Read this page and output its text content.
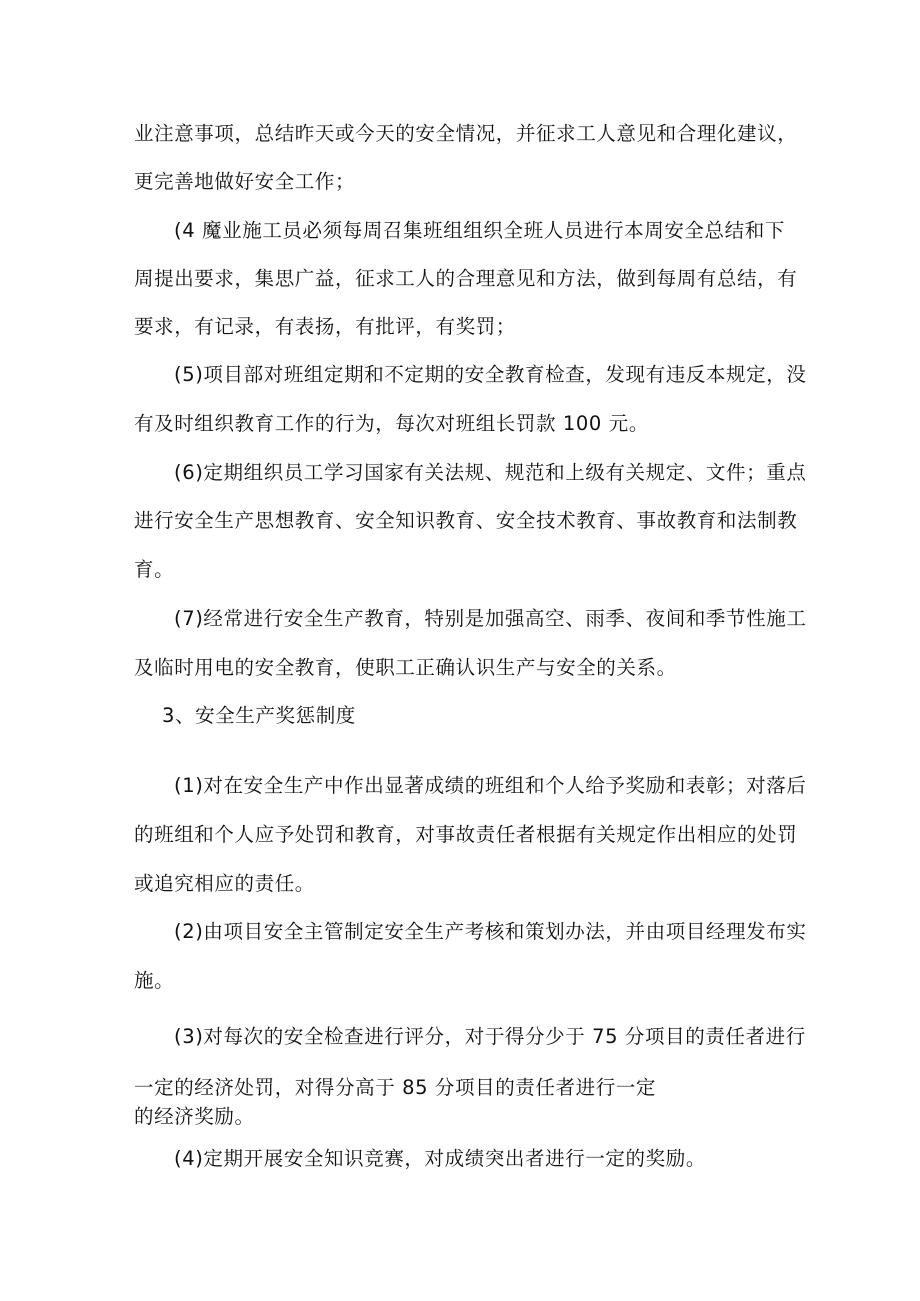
业注意事项，总结昨天或今天的安全情况，并征求工人意见和合理化建议，
更完善地做好安全工作；
(4 魔业施工员必须每周召集班组组织全班人员进行本周安全总结和下
周提出要求，集思广益，征求工人的合理意见和方法，做到每周有总结，有
要求，有记录，有表扬，有批评，有奖罚；
(5)项目部对班组定期和不定期的安全教育检查，发现有违反本规定，没
有及时组织教育工作的行为，每次对班组长罚款 100 元。
(6)定期组织员工学习国家有关法规、规范和上级有关规定、文件；重点
进行安全生产思想教育、安全知识教育、安全技术教育、事故教育和法制教
育。
(7)经常进行安全生产教育，特别是加强高空、雨季、夜间和季节性施工
及临时用电的安全教育，使职工正确认识生产与安全的关系。
3、安全生产奖惩制度
(1)对在安全生产中作出显著成绩的班组和个人给予奖励和表彰；对落后
的班组和个人应予处罚和教育，对事故责任者根据有关规定作出相应的处罚
或追究相应的责任。
(2)由项目安全主管制定安全生产考核和策划办法，并由项目经理发布实
施。
(3)对每次的安全检查进行评分，对于得分少于 75 分项目的责任者进行
一定的经济处罚，对得分高于 85 分项目的责任者进行一定
的经济奖励。
(4)定期开展安全知识竞赛，对成绩突出者进行一定的奖励。
